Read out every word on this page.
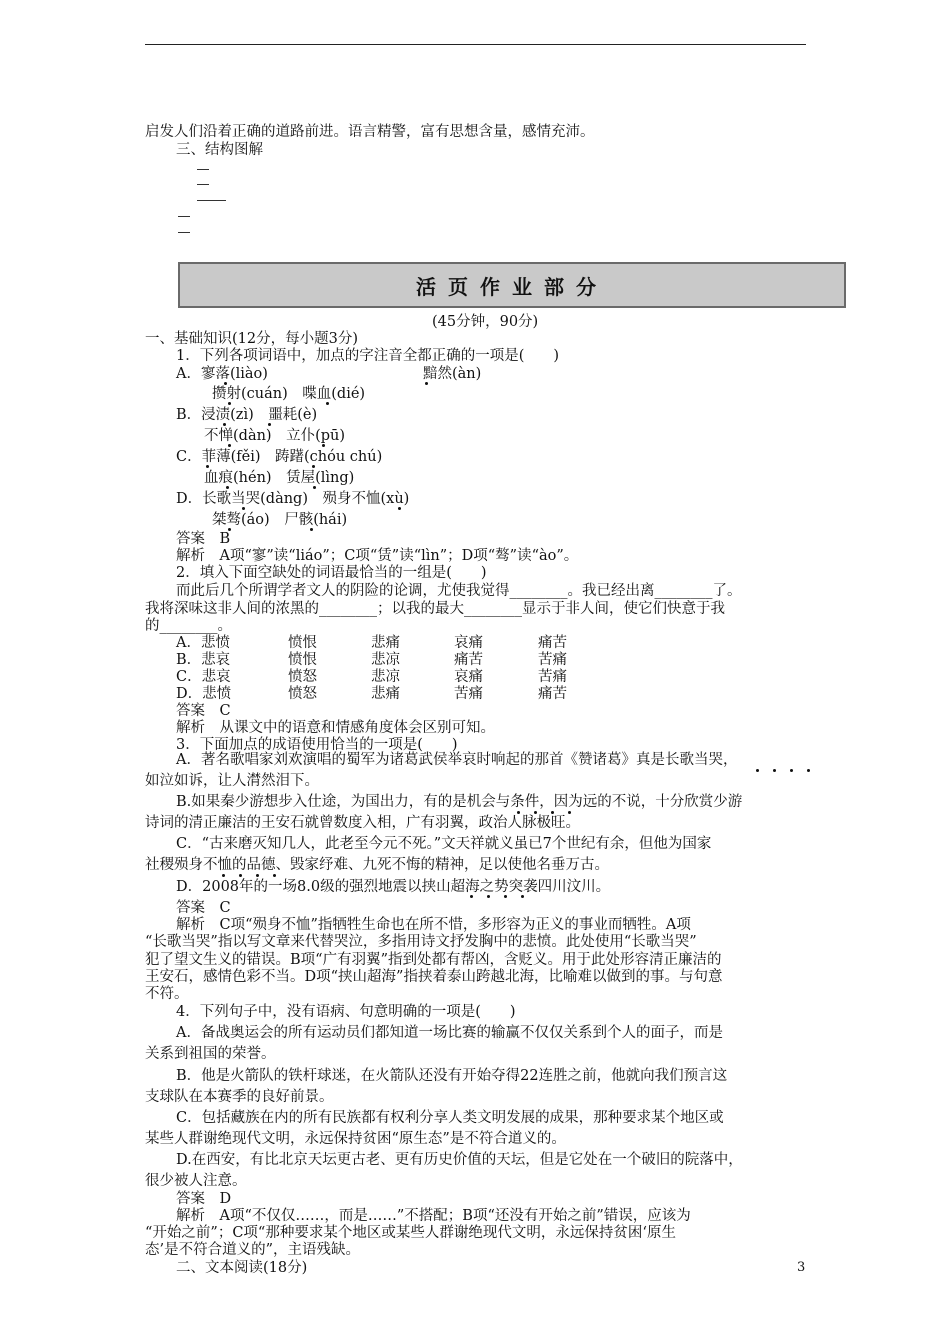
启发人们沿着正确的道路前进。语言精警，富有思想含量，感情充沛。
三、结构图解
活页作业部分
(45分钟，90分)
一、基础知识(12分，每小题3分)
1．下列各项词语中，加点的字注音全都正确的一项是(　　)
A．寥落(liào)	黯然(àn)
攒射(cuán)　喋血(dié)
B．浸渍(zì)　噩耗(è)
不惮(dàn)　立仆(pū)
C．菲薄(fěi)　踌躇(chóu chú)
血痕(hén)　赁屋(lìng)
D．长歌当哭(dàng)　殒身不恤(xù)
桀骜(áo)　尸骸(hái)
答案　B
解析　A项“寥”读“liáo”；C项“赁”读“lìn”；D项“骜”读“ào”。
2．填入下面空缺处的词语最恰当的一组是(　　)
而此后几个所谓学者文人的阴险的论调，尤使我觉得________。我已经出离________了。
我将深味这非人间的浓黑的________；以我的最大________显示于非人间，使它们快意于我
的________。
A．悲愤	愤恨	悲痛	哀痛	痛苦
B．悲哀	愤恨	悲凉	痛苦	苦痛
C．悲哀	愤怒	悲凉	哀痛	苦痛
D．悲愤	愤怒	悲痛	苦痛	痛苦
答案　C
解析　从课文中的语意和情感角度体会区别可知。
3．下面加点的成语使用恰当的一项是(　　)
A．著名歌唱家刘欢演唱的蜀军为诸葛武侯举哀时响起的那首《赞诸葛》真是长歌当哭，
如泣如诉，让人潸然泪下。
B.如果秦少游想步入仕途，为国出力，有的是机会与条件，因为远的不说，十分欣赏少游
诗词的清正廉洁的王安石就曾数度入相，广有羽翼，政治人脉极旺。
C．“古来磨灭知几人，此老至今元不死。”文天祥就义虽已7个世纪有余，但他为国家
社稷殒身不恤的品德、毁家纾难、九死不悔的精神，足以使他名垂万古。
D．2008年的一场8.0级的强烈地震以挟山超海之势突袭四川汶川。
答案　C
解析　C项“殒身不恤”指牺牲生命也在所不惜，多形容为正义的事业而牺牲。A项
“长歌当哭”指以写文章来代替哭泣，多指用诗文抒发胸中的悲愤。此处使用“长歌当哭”
犯了望文生义的错误。B项“广有羽翼”指到处都有帮凶，含贬义。用于此处形容清正廉洁的
王安石，感情色彩不当。D项“挟山超海”指挟着泰山跨越北海，比喻难以做到的事。与句意
不符。
4．下列句子中，没有语病、句意明确的一项是(　　)
A．备战奥运会的所有运动员们都知道一场比赛的输赢不仅仅关系到个人的面子，而是
关系到祖国的荣誉。
B．他是火箭队的铁杆球迷，在火箭队还没有开始夺得22连胜之前，他就向我们预言这
支球队在本赛季的良好前景。
C．包括藏族在内的所有民族都有权利分享人类文明发展的成果，那种要求某个地区或
某些人群谢绝现代文明，永远保持贫困“原生态”是不符合道义的。
D.在西安，有比北京天坛更古老、更有历史价值的天坛，但是它处在一个破旧的院落中，
很少被人注意。
答案　D
解析　A项“不仅仅……，而是……”不搭配；B项“还没有开始之前”错误，应该为
“开始之前”；C项“那种要求某个地区或某些人群谢绝现代文明，永远保持贫困‘原生
态’是不符合道义的”，主语残缺。
二、文本阅读(18分)	3
